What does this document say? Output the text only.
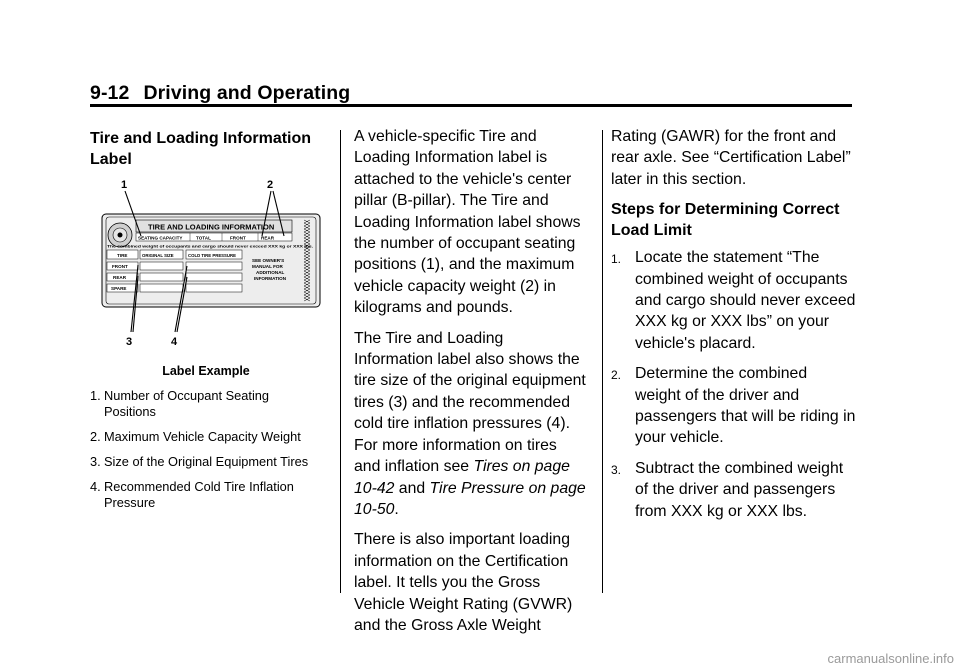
9-12 Driving and Operating
Tire and Loading Information Label
TIRE AND LOADING INFORMATION
SEATING CAPACITY	TOTAL	FRONT	REAR
The combined weight of occupants and cargo should never exceed XXX kg or XXX lbs.
TIRE	ORIGINAL SIZE	COLD TIRE PRESSURE
FRONT
REAR
SPARE
SEE OWNER'S
MANUAL FOR
ADDITIONAL
INFORMATION
1	2
3	4
Label Example
1. Number of Occupant Seating Positions
2. Maximum Vehicle Capacity Weight
3. Size of the Original Equipment Tires
4. Recommended Cold Tire Inflation Pressure

A vehicle-specific Tire and Loading Information label is attached to the vehicle's center pillar (B-pillar). The Tire and Loading Information label shows the number of occupant seating positions (1), and the maximum vehicle capacity weight (2) in kilograms and pounds.

The Tire and Loading Information label also shows the tire size of the original equipment tires (3) and the recommended cold tire inflation pressures (4). For more information on tires and inflation see Tires on page 10-42 and Tire Pressure on page 10-50.

There is also important loading information on the Certification label. It tells you the Gross Vehicle Weight Rating (GVWR) and the Gross Axle Weight

Rating (GAWR) for the front and rear axle. See “Certification Label” later in this section.

Steps for Determining Correct Load Limit
1. Locate the statement “The combined weight of occupants and cargo should never exceed XXX kg or XXX lbs” on your vehicle's placard.
2. Determine the combined weight of the driver and passengers that will be riding in your vehicle.
3. Subtract the combined weight of the driver and passengers from XXX kg or XXX lbs.
carmanualsonline.info
